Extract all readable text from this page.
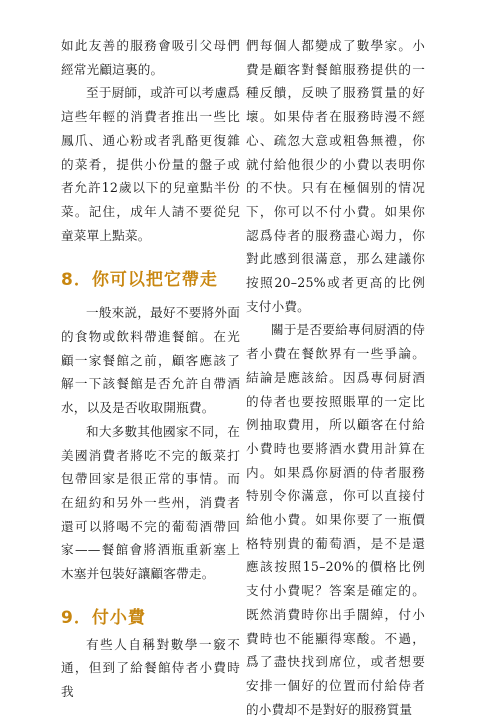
如此友善的服務會吸引父母們經常光顧這裏的。

至于厨師，或許可以考慮爲這些年輕的消費者推出一些比鳳爪、通心粉或者乳酪更復雜的菜肴，提供小份量的盤子或者允許12歲以下的兒童點半份菜。記住，成年人請不要從兒童菜單上點菜。

8．你可以把它帶走

一般來説，最好不要將外面的食物或飲料帶進餐館。在光顧一家餐館之前，顧客應該了解一下該餐館是否允許自帶酒水，以及是否收取開瓶費。

和大多數其他國家不同，在美國消費者將吃不完的飯菜打包帶回家是很正常的事情。而在紐約和另外一些州，消費者還可以將喝不完的葡萄酒帶回家——餐館會將酒瓶重新塞上木塞并包裝好讓顧客帶走。

9．付小費

有些人自稱對數學一竅不通，但到了給餐館侍者小費時我

們每個人都變成了數學家。小費是顧客對餐館服務提供的一種反饋，反映了服務質量的好壞。如果侍者在服務時漫不經心、疏忽大意或粗魯無禮，你就付給他很少的小費以表明你的不快。只有在極個别的情况下，你可以不付小費。如果你認爲侍者的服務盡心竭力，你對此感到很滿意，那么建議你按照20–25%或者更高的比例支付小費。

關于是否要給專伺厨酒的侍者小費在餐飲界有一些爭論。結論是應該給。因爲專伺厨酒的侍者也要按照賬單的一定比例抽取費用，所以顧客在付給小費時也要將酒水費用計算在内。如果爲你厨酒的侍者服務特别令你滿意，你可以直接付給他小費。如果你要了一瓶價格特别貴的葡萄酒，是不是還應該按照15–20%的價格比例支付小費呢？答案是確定的。既然消費時你出手闊綽，付小費時也不能顯得寒酸。不過，爲了盡快找到席位，或者想要安排一個好的位置而付給侍者的小費却不是對好的服務質量
